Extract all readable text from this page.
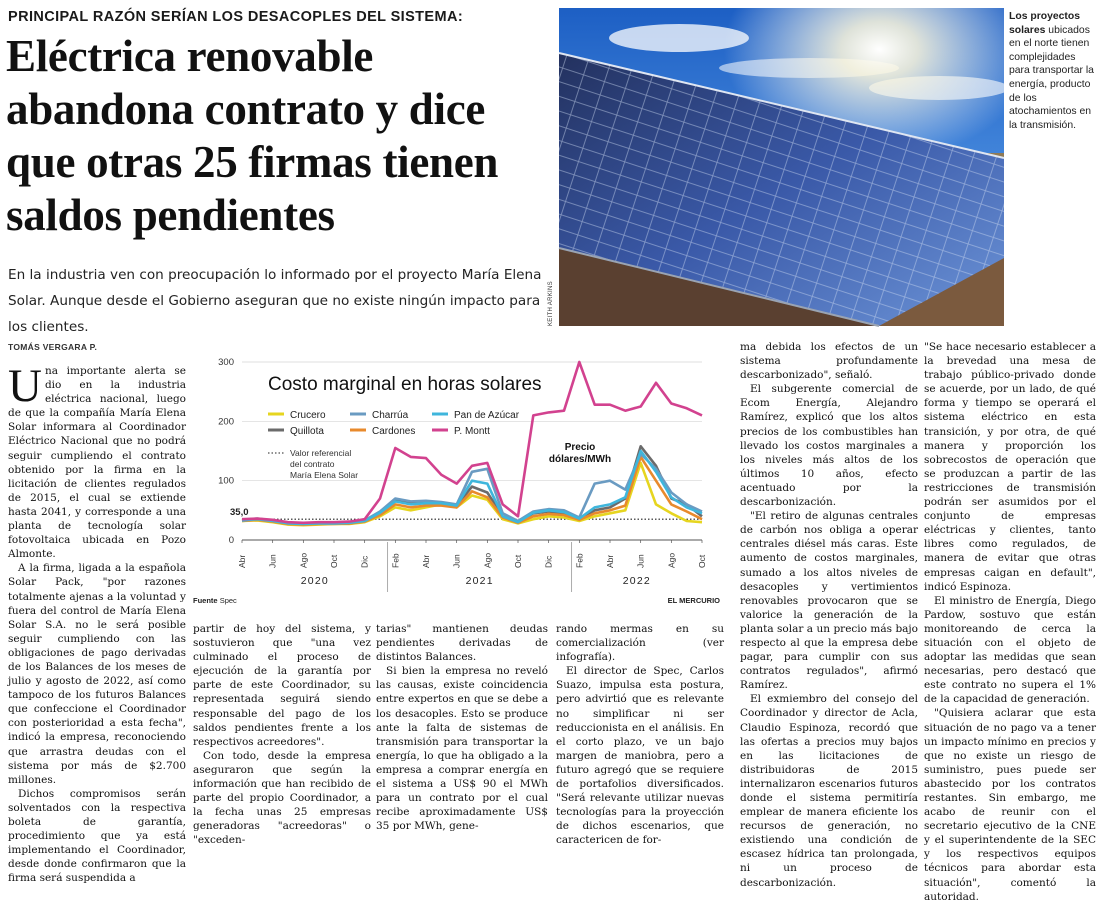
PRINCIPAL RAZÓN SERÍAN LOS DESACOPLES DEL SISTEMA:
Eléctrica renovable abandona contrato y dice que otras 25 firmas tienen saldos pendientes
En la industria ven con preocupación lo informado por el proyecto María Elena Solar. Aunque desde el Gobierno aseguran que no existe ningún impacto para los clientes.
KEITH ARKINS
Los proyectos solares ubicados en el norte tienen complejidades para transportar la energía, producto de los atochamientos en la transmisión.
TOMÁS VERGARA P.

Una importante alerta se dio en la industria eléctrica nacional, luego de que la compañía María Elena Solar informara al Coordinador Eléctrico Nacional que no podrá seguir cumpliendo el contrato obtenido por la firma en la licitación de clientes regulados de 2015, el cual se extiende hasta 2041, y corresponde a una planta de tecnología solar fotovoltaica ubicada en Pozo Almonte.

A la firma, ligada a la española Solar Pack, "por razones totalmente ajenas a la voluntad y fuera del control de María Elena Solar S.A. no le será posible seguir cumpliendo con las obligaciones de pago derivadas de los Balances de los meses de julio y agosto de 2022, así como tampoco de los futuros Balances que confeccione el Coordinador con posterioridad a esta fecha", indicó la empresa, reconociendo que arrastra deudas con el sistema por más de $2.700 millones.

Dichos compromisos serán solventados con la respectiva boleta de garantía, procedimiento que ya está implementando el Coordinador, desde donde confirmaron que la firma será suspendida a

300
200
100
0
Abr Jun Ago Oct Dic Feb Abr Jun Ago Oct Dic Feb Abr Jun Ago Oct
2020	2021	2022
35,0
Costo marginal en horas solares
Crucero
Quillota	Cardones
Charrúa	Pan de Azúcar
P. Montt
Valor referencial del contrato María Elena Solar
Precio dólares/MWh
Fuente Spec	EL MERCURIO

partir de hoy del sistema, y sostuvieron que "una vez culminado el proceso de ejecución de la garantía por parte de este Coordinador, su representada seguirá siendo responsable del pago de los saldos pendientes frente a los respectivos acreedores".

Con todo, desde la empresa aseguraron que según la información que han recibido de parte del propio Coordinador, a la fecha unas 25 empresas generadoras "acreedoras" o "exceden-

tarias" mantienen deudas pendientes derivadas de distintos Balances.

Si bien la empresa no reveló las causas, existe coincidencia entre expertos en que se debe a los desacoples. Esto se produce ante la falta de sistemas de transmisión para transportar la energía, lo que ha obligado a la empresa a comprar energía en el sistema a US$ 90 el MWh para un contrato por el cual recibe aproximadamente US$ 35 por MWh, gene-

rando mermas en su comercialización (ver infografía).

El director de Spec, Carlos Suazo, impulsa esta postura, pero advirtió que es relevante no simplificar ni ser reduccionista en el análisis. En el corto plazo, ve un bajo margen de maniobra, pero a futuro agregó que se requiere de portafolios diversificados. "Será relevante utilizar nuevas tecnologías para la proyección de dichos escenarios, que caractericen de for-

ma debida los efectos de un sistema profundamente descarbonizado", señaló.

El subgerente comercial de Ecom Energía, Alejandro Ramírez, explicó que los altos precios de los combustibles han llevado los costos marginales a los niveles más altos de los últimos 10 años, efecto acentuado por la descarbonización.

"El retiro de algunas centrales de carbón nos obliga a operar centrales diésel más caras. Este aumento de costos marginales, sumado a los altos niveles de desacoples y vertimientos renovables provocaron que se valorice la generación de la planta solar a un precio más bajo respecto al que la empresa debe pagar, para cumplir con sus contratos regulados", afirmó Ramírez.

El exmiembro del consejo del Coordinador y director de Acla, Claudio Espinoza, recordó que las ofertas a precios muy bajos en las licitaciones de distribuidoras de 2015 internalizaron escenarios futuros donde el sistema permitiría emplear de manera eficiente los recursos de generación, no existiendo una condición de escasez hídrica tan prolongada, ni un proceso de descarbonización.

"Se hace necesario establecer a la brevedad una mesa de trabajo público-privado donde se acuerde, por un lado, de qué forma y tiempo se operará el sistema eléctrico en esta transición, y por otra, de qué manera y proporción los sobrecostos de operación que se produzcan a partir de las restricciones de transmisión podrán ser asumidos por el conjunto de empresas eléctricas y clientes, tanto libres como regulados, de manera de evitar que otras empresas caigan en default", indicó Espinoza.

El ministro de Energía, Diego Pardow, sostuvo que están monitoreando de cerca la situación con el objeto de adoptar las medidas que sean necesarias, pero destacó que este contrato no supera el 1% de la capacidad de generación.

"Quisiera aclarar que esta situación de no pago va a tener un impacto mínimo en precios y que no existe un riesgo de suministro, pues puede ser abastecido por los contratos restantes. Sin embargo, me acabo de reunir con el secretario ejecutivo de la CNE y el superintendente de la SEC y los respectivos equipos técnicos para abordar esta situación", comentó la autoridad.
